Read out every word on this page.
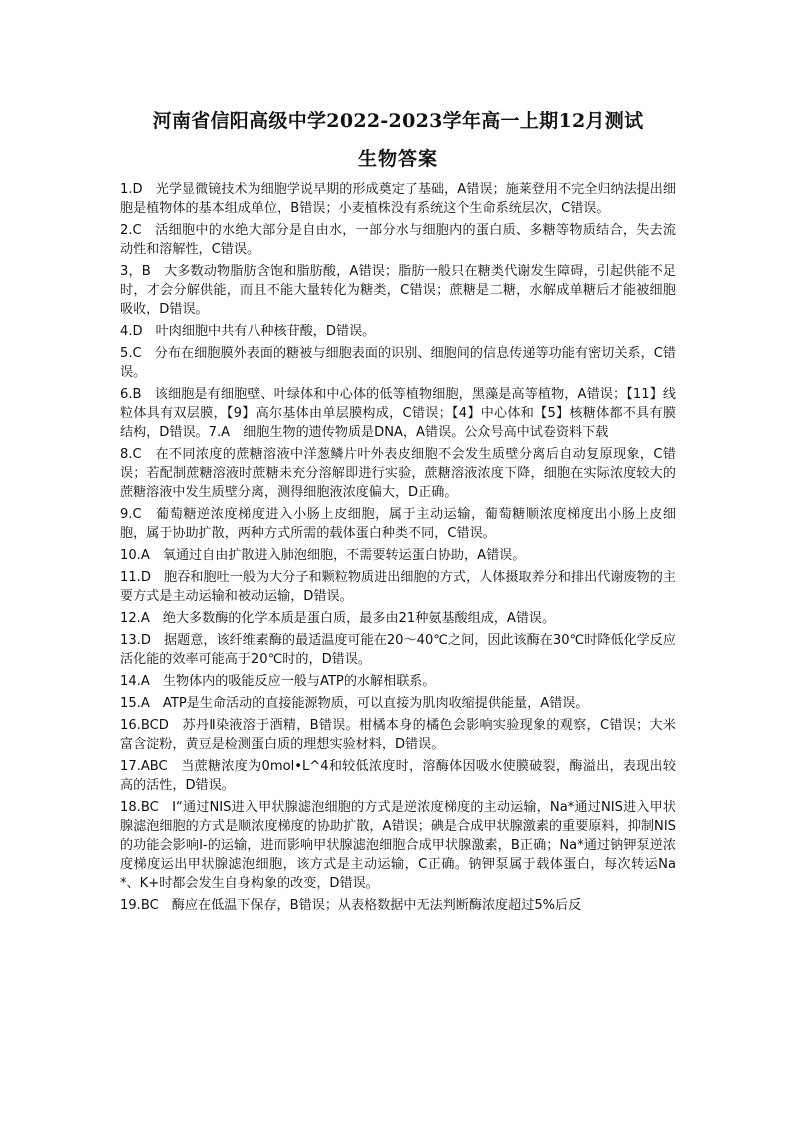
河南省信阳高级中学2022-2023学年高一上期12月测试
生物答案

1.D　光学显微镜技术为细胞学说早期的形成奠定了基础，A错误；施莱登用不完全归纳法提出细胞是植物体的基本组成单位，B错误；小麦植株没有系统这个生命系统层次，C错误。

2.C　活细胞中的水绝大部分是自由水，一部分水与细胞内的蛋白质、多糖等物质结合，失去流动性和溶解性，C错误。

3，B　大多数动物脂肪含饱和脂肪酸，A错误；脂肪一般只在糖类代谢发生障碍，引起供能不足时，才会分解供能，而且不能大量转化为糖类，C错误；蔗糖是二糖，水解成单糖后才能被细胞吸收，D错误。

4.D　叶肉细胞中共有八种核苷酸，D错误。

5.C　分布在细胞膜外表面的糖被与细胞表面的识别、细胞间的信息传递等功能有密切关系，C错误。

6.B　该细胞是有细胞壁、叶绿体和中心体的低等植物细胞，黑藻是高等植物，A错误；【11】线粒体具有双层膜，【9】高尔基体由单层膜构成，C错误；【4】中心体和【5】核糖体都不具有膜结构，D错误。7.A　细胞生物的遗传物质是DNA，A错误。公众号高中试卷资料下载

8.C　在不同浓度的蔗糖溶液中洋葱鳞片叶外表皮细胞不会发生质壁分离后自动复原现象，C错误；若配制蔗糖溶液时蔗糖未充分溶解即进行实验，蔗糖溶液浓度下降，细胞在实际浓度较大的蔗糖溶液中发生质壁分离，测得细胞液浓度偏大，D正确。

9.C　葡萄糖逆浓度梯度进入小肠上皮细胞，属于主动运输，葡萄糖顺浓度梯度出小肠上皮细胞，属于协助扩散，两种方式所需的载体蛋白种类不同，C错误。

10.A　氧通过自由扩散进入肺泡细胞，不需要转运蛋白协助，A错误。

11.D　胞吞和胞吐一般为大分子和颗粒物质进出细胞的方式，人体摄取养分和排出代谢废物的主要方式是主动运输和被动运输，D错误。

12.A　绝大多数酶的化学本质是蛋白质，最多由21种氨基酸组成，A错误。

13.D　据题意，该纤维素酶的最适温度可能在20～40℃之间，因此该酶在30℃时降低化学反应活化能的效率可能高于20℃时的，D错误。

14.A　生物体内的吸能反应一般与ATP的水解相联系。

15.A　ATP是生命活动的直接能源物质，可以直接为肌肉收缩提供能量，A错误。

16.BCD　苏丹Ⅱ染液溶于酒精，B错误。柑橘本身的橘色会影响实验现象的观察，C错误；大米富含淀粉，黄豆是检测蛋白质的理想实验材料，D错误。

17.ABC　当蔗糖浓度为0mol•L^4和较低浓度时，溶酶体因吸水使膜破裂，酶溢出，表现出较高的活性，D错误。

18.BC　I“通过NIS进入甲状腺滤泡细胞的方式是逆浓度梯度的主动运输，Na*通过NIS进入甲状腺滤泡细胞的方式是顺浓度梯度的协助扩散，A错误；碘是合成甲状腺激素的重要原料，抑制NIS的功能会影响I-的运输，进而影响甲状腺滤泡细胞合成甲状腺激素，B正确；Na*通过钠钾泵逆浓度梯度运出甲状腺滤泡细胞，该方式是主动运输，C正确。钠钾泵属于载体蛋白，每次转运Na*、K+时都会发生自身构象的改变，D错误。

19.BC　酶应在低温下保存，B错误；从表格数据中无法判断酶浓度超过5%后反
